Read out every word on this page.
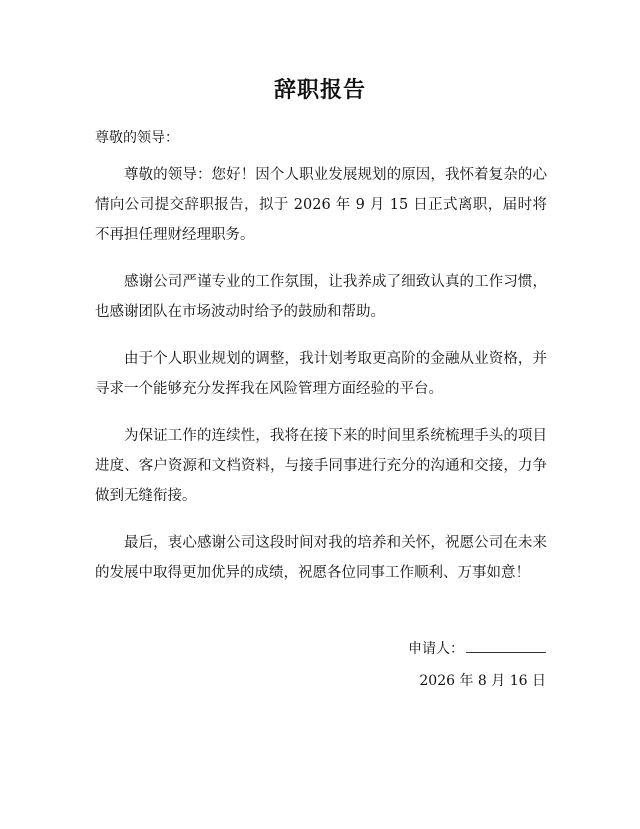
辞职报告
尊敬的领导：

尊敬的领导：您好！因个人职业发展规划的原因，我怀着复杂的心情向公司提交辞职报告，拟于 2026 年 9 月 15 日正式离职，届时将不再担任理财经理职务。

感谢公司严谨专业的工作氛围，让我养成了细致认真的工作习惯，也感谢团队在市场波动时给予的鼓励和帮助。

由于个人职业规划的调整，我计划考取更高阶的金融从业资格，并寻求一个能够充分发挥我在风险管理方面经验的平台。

为保证工作的连续性，我将在接下来的时间里系统梳理手头的项目进度、客户资源和文档资料，与接手同事进行充分的沟通和交接，力争做到无缝衔接。

最后，衷心感谢公司这段时间对我的培养和关怀，祝愿公司在未来的发展中取得更加优异的成绩，祝愿各位同事工作顺利、万事如意！

申请人：
2026 年 8 月 16 日
